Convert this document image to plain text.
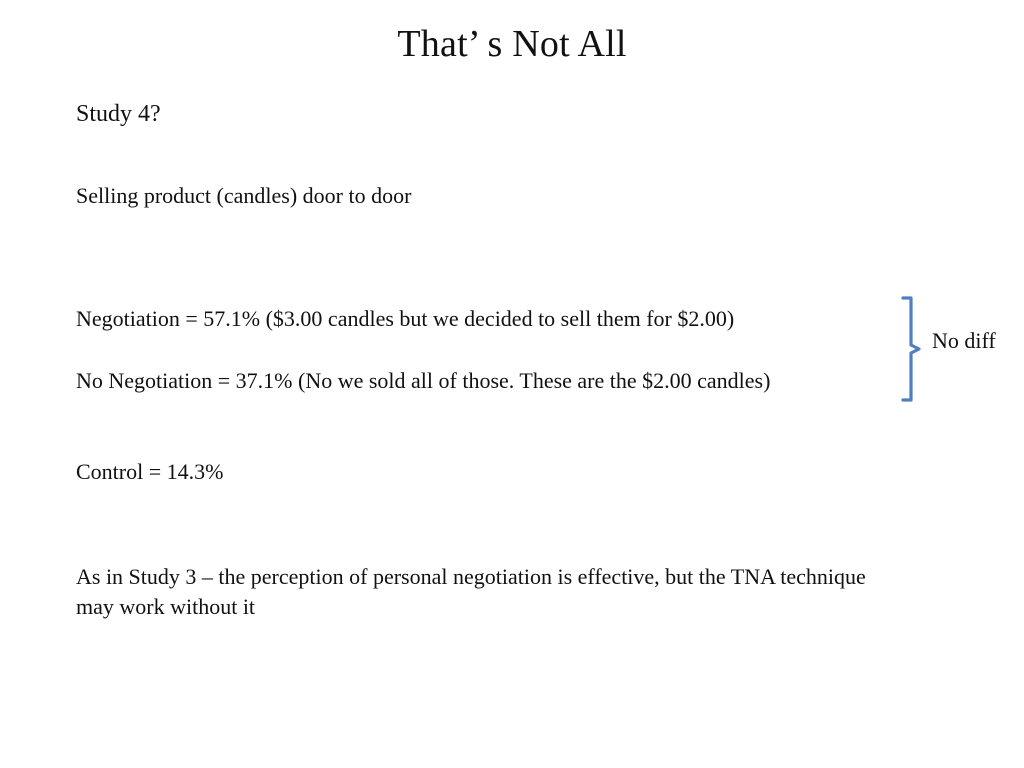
That’ s Not All
Study 4?
Selling product (candles) door to door
Negotiation = 57.1% ($3.00 candles but we decided to sell them for $2.00)
No Negotiation = 37.1% (No we sold all of those. These are the $2.00 candles)
Control = 14.3%
As in Study 3 – the perception of personal negotiation is effective, but the TNA technique may work without it
No diff
